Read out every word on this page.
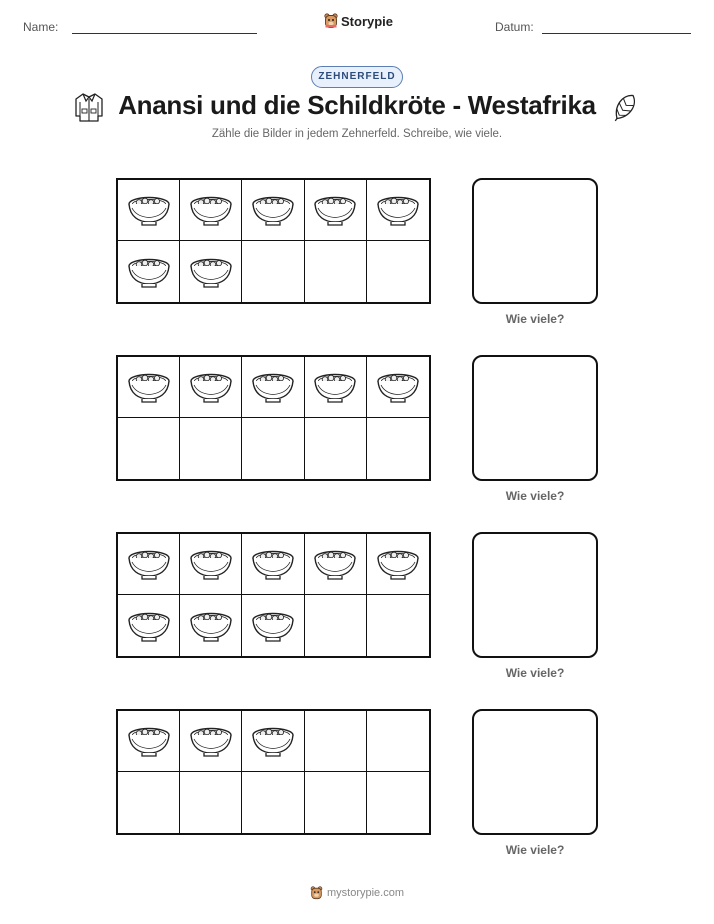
Name:	Storypie	Datum:
ZEHNERFELD
Anansi und die Schildkröte - Westafrika
Zähle die Bilder in jedem Zehnerfeld. Schreibe, wie viele.
Wie viele?
Wie viele?
Wie viele?
Wie viele?
mystorypie.com
